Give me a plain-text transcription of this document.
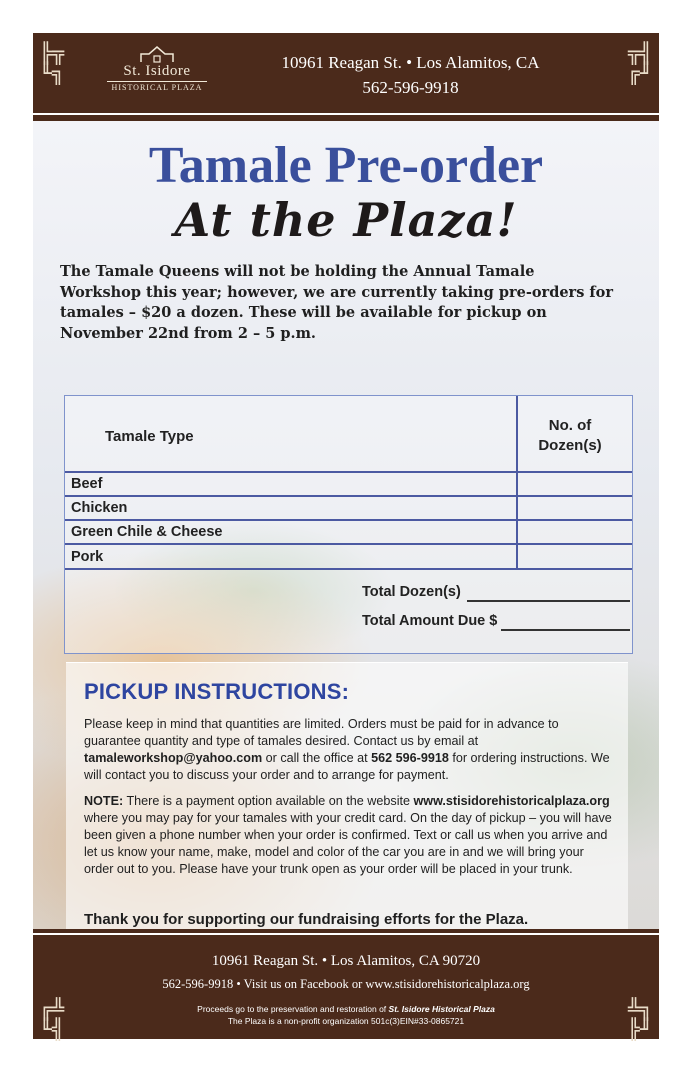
╠╦
╙╗
╦╣
╔╜
St. Isidore
HISTORICAL PLAZA
10961 Reagan St. • Los Alamitos, CA
562-596-9918
Tamale Pre-order
At the Plaza!
The Tamale Queens will not be holding the Annual Tamale Workshop this year; however, we are currently taking pre-orders for tamales – $20 a dozen. These will be available for pickup on November 22nd from 2 – 5 p.m.
Tamale Type
No. of
Dozen(s)
Beef
Chicken
Green Chile & Cheese
Pork
Total Dozen(s)
Total Amount Due $
PICKUP INSTRUCTIONS:
Please keep in mind that quantities are limited. Orders must be paid for in advance to guarantee quantity and type of tamales desired. Contact us by email at tamaleworkshop@yahoo.com or call the office at 562 596-9918 for ordering instructions. We will contact you to discuss your order and to arrange for payment.
NOTE: There is a payment option available on the website www.stisidorehistoricalplaza.org where you may pay for your tamales with your credit card. On the day of pickup – you will have been given a phone number when your order is confirmed. Text or call us when you arrive and let us know your name, make, model and color of the car you are in and we will bring your order out to you. Please have your trunk open as your order will be placed in your trunk.
Thank you for supporting our fundraising efforts for the Plaza.
10961 Reagan St. • Los Alamitos, CA 90720
562-596-9918 • Visit us on Facebook or www.stisidorehistoricalplaza.org
Proceeds go to the preservation and restoration of St. Isidore Historical Plaza
The Plaza is a non-profit organization 501c(3)EIN#33-0865721
╔╩
╙╣
╩╗
╠╜
